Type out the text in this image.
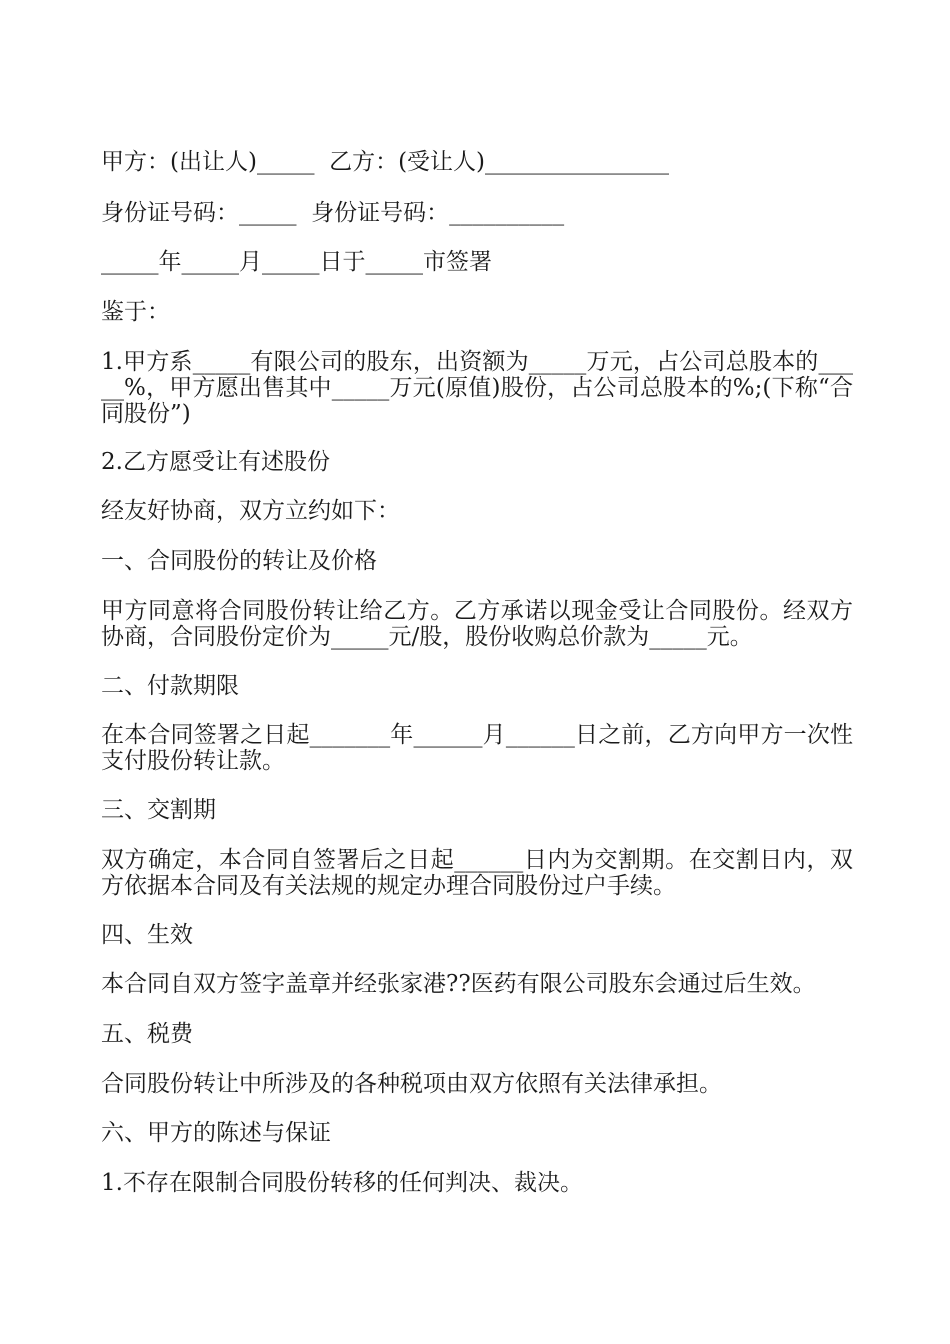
甲方：(出让人)_____  乙方：(受让人)________________

身份证号码：_____  身份证号码：__________

_____年_____月_____日于_____市签署

鉴于：

1.甲方系_____有限公司的股东，出资额为_____万元，占公司总股本的_____%，甲方愿出售其中_____万元(原值)股份，占公司总股本的%;(下称“合同股份”)

2.乙方愿受让有述股份

经友好协商，双方立约如下：

一、合同股份的转让及价格

甲方同意将合同股份转让给乙方。乙方承诺以现金受让合同股份。经双方协商，合同股份定价为_____元/股，股份收购总价款为_____元。

二、付款期限

在本合同签署之日起_______年______月______日之前，乙方向甲方一次性支付股份转让款。

三、交割期

双方确定，本合同自签署后之日起______日内为交割期。在交割日内，双方依据本合同及有关法规的规定办理合同股份过户手续。

四、生效

本合同自双方签字盖章并经张家港??医药有限公司股东会通过后生效。

五、税费

合同股份转让中所涉及的各种税项由双方依照有关法律承担。

六、甲方的陈述与保证

1.不存在限制合同股份转移的任何判决、裁决。
